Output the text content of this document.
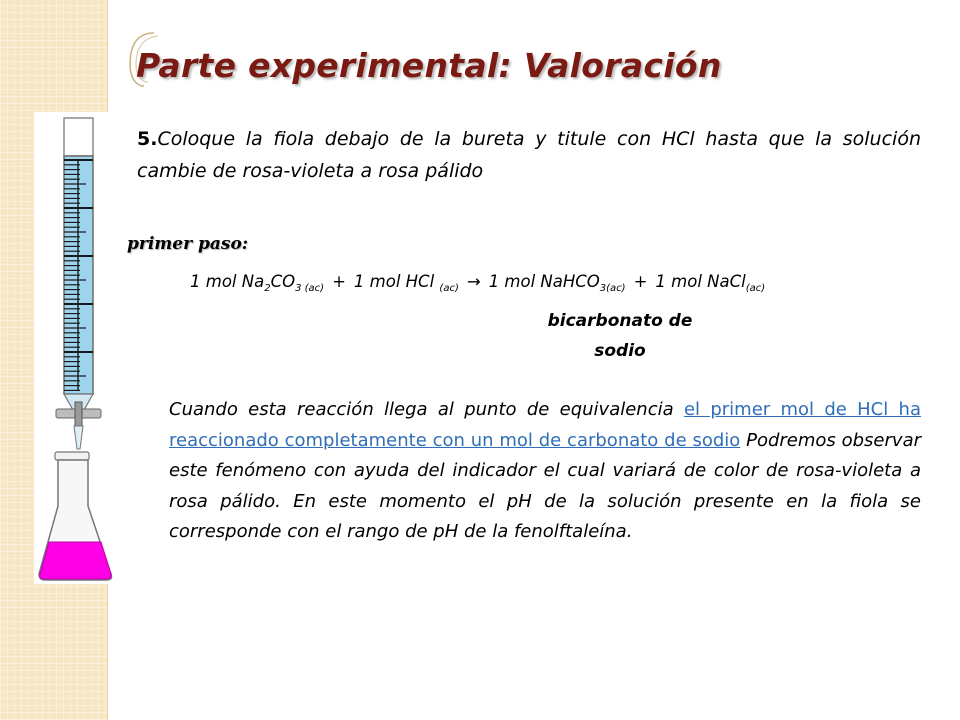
Parte experimental: Valoración

5.Coloque la fiola debajo de la bureta y titule con HCl hasta que la solución cambie de rosa-violeta a rosa pálido

primer paso:
1 mol $Na_2CO_{3 (ac)} + 1$ mol HCl $_{(ac)}$ → 1 mol NaHCO$_{3(ac)}$ + 1 mol NaCl$_{(ac)}$
bicarbonato de
sodio

Cuando esta reacción llega al punto de equivalencia el primer mol de HCl ha reaccionado completamente con un mol de carbonato de sodio Podremos observar este fenómeno con ayuda del indicador el cual variará de color de rosa-violeta a rosa pálido. En este momento el pH de la solución presente en la fiola se corresponde con el rango de pH de la fenolftaleína.
